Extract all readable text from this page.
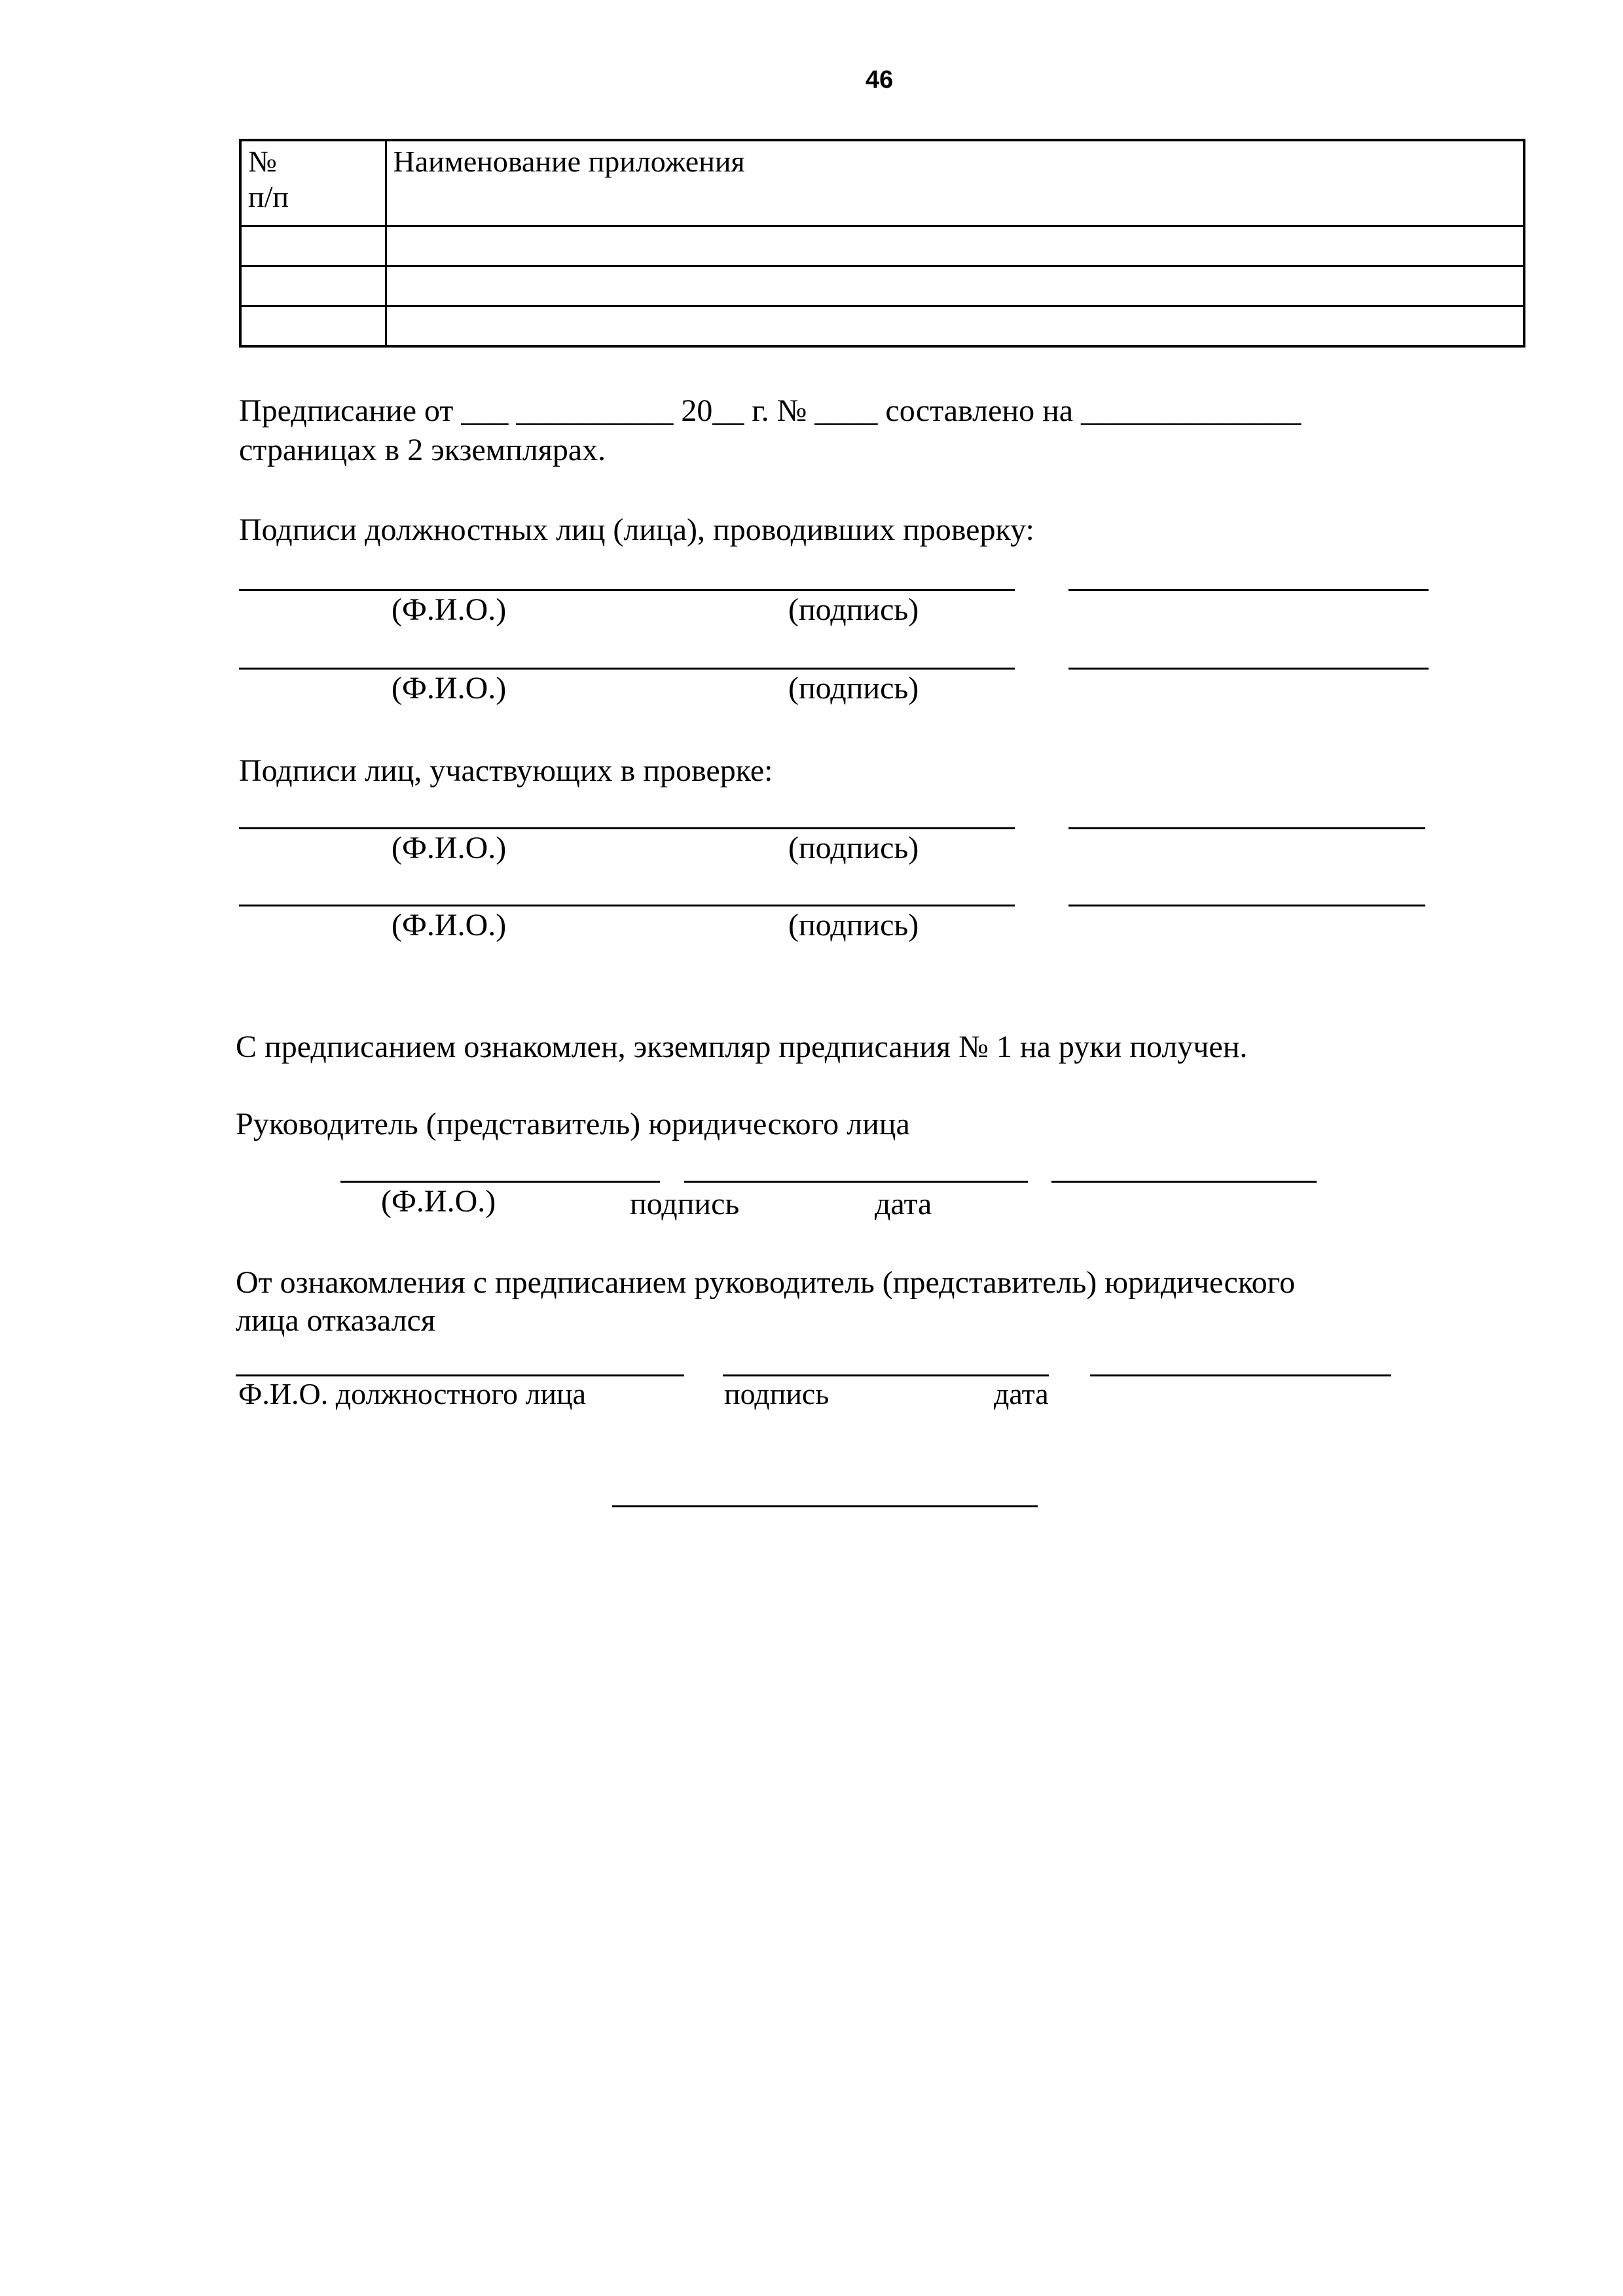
46
№
п/п	Наименование приложения

Предписание от ___ __________ 20__ г. № ____ составлено на ______________
страницах в 2 экземплярах.
Подписи должностных лиц (лица), проводивших проверку:
(Ф.И.О.)	(подпись)
(Ф.И.О.)	(подпись)
Подписи лиц, участвующих в проверке:
(Ф.И.О.)	(подпись)
(Ф.И.О.)	(подпись)
С предписанием ознакомлен, экземпляр предписания № 1 на руки получен.
Руководитель (представитель) юридического лица
(Ф.И.О.)	подпись	дата
От ознакомления с предписанием руководитель (представитель) юридического
лица отказался
Ф.И.О. должностного лица	подпись	дата
